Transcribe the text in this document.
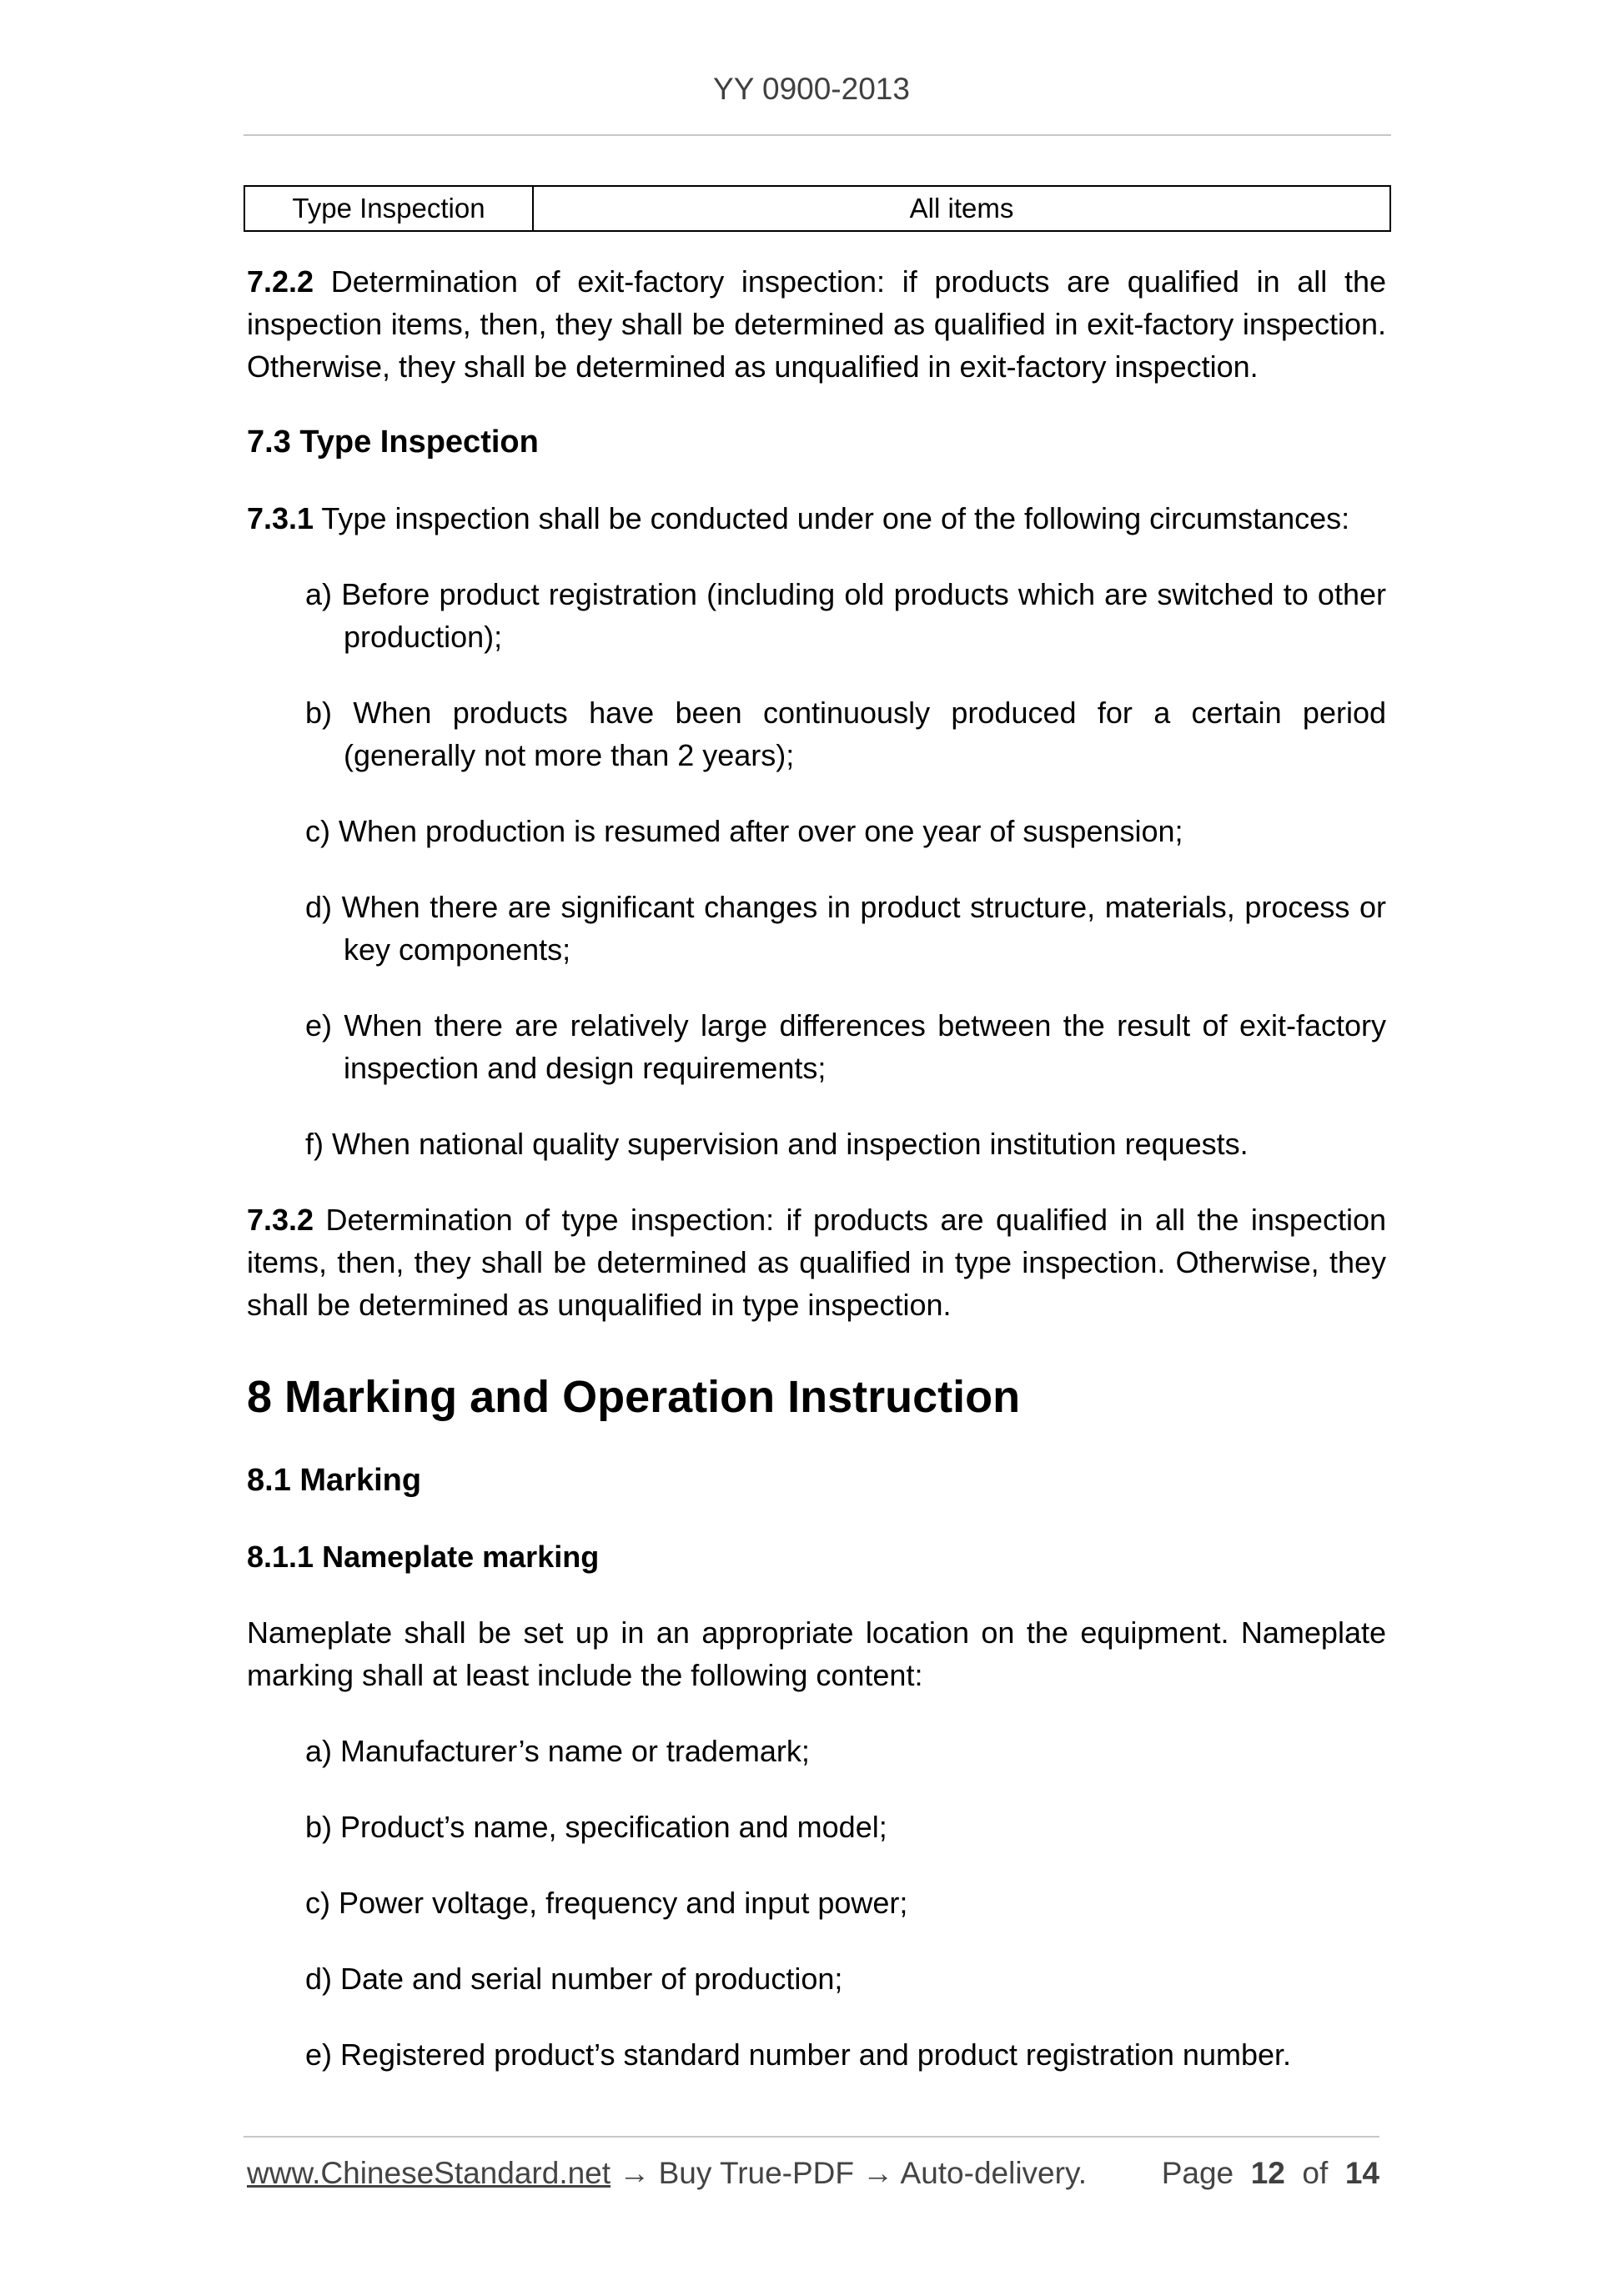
YY 0900-2013
Type Inspection	All items

7.2.2 Determination of exit-factory inspection: if products are qualified in all the inspection items, then, they shall be determined as qualified in exit-factory inspection. Otherwise, they shall be determined as unqualified in exit-factory inspection.

7.3 Type Inspection

7.3.1 Type inspection shall be conducted under one of the following circumstances:

a) Before product registration (including old products which are switched to other production);

b) When products have been continuously produced for a certain period (generally not more than 2 years);

c) When production is resumed after over one year of suspension;

d) When there are significant changes in product structure, materials, process or key components;

e) When there are relatively large differences between the result of exit-factory inspection and design requirements;

f) When national quality supervision and inspection institution requests.

7.3.2 Determination of type inspection: if products are qualified in all the inspection items, then, they shall be determined as qualified in type inspection. Otherwise, they shall be determined as unqualified in type inspection.

8 Marking and Operation Instruction

8.1 Marking

8.1.1 Nameplate marking

Nameplate shall be set up in an appropriate location on the equipment. Nameplate marking shall at least include the following content:

a) Manufacturer’s name or trademark;

b) Product’s name, specification and model;

c) Power voltage, frequency and input power;

d) Date and serial number of production;

e) Registered product’s standard number and product registration number.

www.ChineseStandard.net → Buy True-PDF → Auto-delivery. Page 12 of 14
